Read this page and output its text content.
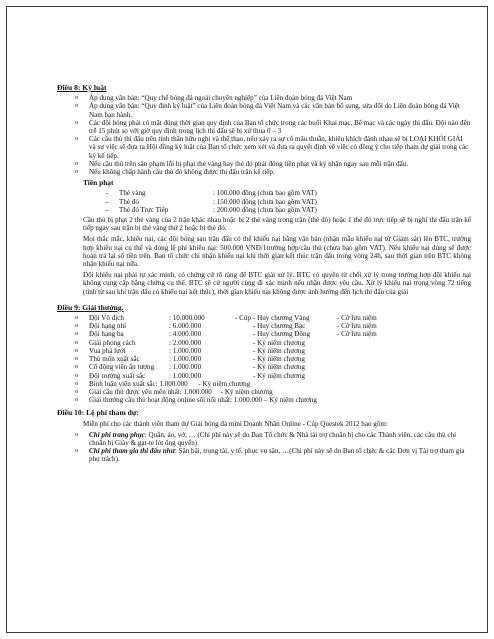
Điều 8: Kỷ luật
o Áp dụng văn bản: “Quy chế bóng đá ngoài chuyên nghiệp” của Liên đoàn bóng đá Việt Nam
o Áp dụng văn bản: “Quy định kỷ luật” của Liên đoàn bóng đá Việt Nam và các văn bản bổ sung, sửa đổi do Liên đoàn bóng đá Việt Nam ban hành.
o Các đội bóng phải có mặt đúng thời gian quy định của Ban tổ chức trong các buổi Khai mạc, Bế mạc và các ngày thi đấu. Đội nào đến trễ 15 phút so với giờ quy định trong lịch thi đấu sẽ bị xử thua 0 – 3
o Các cầu thủ thi đấu trên tinh thần hữu nghị và thể thao, nếu xảy ra sự cố mâu thuẫn, khiêu khích đánh nhau sẽ bị LOẠI KHỎI GIẢI và sự việc sẽ đưa ra Hội đồng kỷ luật của Ban tổ chức xem xét và đưa ra quyết định về việc có đồng ý cho tiếp tham dự giải trong các kỳ kế tiếp.
o Nếu cầu thủ trên sân phạm lỗi bị phạt thẻ vàng hay thẻ đỏ phải đóng tiền phạt và ký nhận ngay sau mỗi trận đấu.
o Nếu không chấp hành cầu thủ đó không được thi đấu trận kế tiếp.
Tiền phạt
–	Thẻ vàng	: 100.000 đồng (chưa bao gồm VAT)
–	Thẻ đỏ	: 150.000 đồng (chưa bao gồm VAT)
–	Thẻ đỏ Trực Tiếp	: 200.000 đồng (chưa bao gồm VAT)
Cầu thủ bị phạt 2 thẻ vàng của 2 trận khác nhau hoặc bị 2 thẻ vàng trong trận (thẻ đỏ) hoặc 1 thẻ đỏ trực tiếp sẽ bị nghỉ thi đấu trận kế tiếp ngay sau trận bị thẻ vàng thứ 2 hoặc bị thẻ đỏ.
Mọi thắc mắc, khiếu nại, các đội bóng sau trận đấu có thể khiếu nại bằng văn bản (nhận mẫu khiếu nại từ Giám sát) lên BTC, trường hợp khiếu nại cụ thể và đóng lệ phí khiếu nại: 500.000 VNĐ/1trường hợp/cầu thủ (chưa bao gồm VAT). Nếu khiếu nại đúng sẽ được hoàn trả lại số tiền trên. Ban tổ chức chỉ nhận khiếu nại khi thời gian kết thúc trận đấu trong vòng 24h, sau thời gian trên BTC không nhận khiếu nại nữa.
Đội khiếu nại phải tự xác minh, có chứng cứ rõ ràng để BTC giải xử lý. BTC có quyền từ chối xử lý trong trường hợp đội khiếu nại không cung cấp bằng chứng cụ thể. BTC sẽ cử người cùng đi xác minh nếu nhận được yêu cầu. Xử lý khiếu nại trong vòng 72 tiếng (tính từ sau khi trận đấu có khiếu nại kết thúc), thời gian khiếu nại không được ảnh hưởng đến lịch thi đấu của giải
Điều 9: Giải thưởng.
o Đội Vô địch	: 10.000.000	- Cúp - Huy chương Vàng	- Cờ lưu niệm
o Đội hạng nhì	: 6.000.000	- Huy chương Bạc	- Cờ lưu niệm
o Đội hạng ba	: 4.000.000	- Huy chương Đồng	- Cờ lưu niệm
o Giải phong cách	: 2.000.000	- Kỷ niệm chương
o Vua phá lưới	: 1.000.000	- Kỷ niệm chương
o Thủ môn xuất sắc	: 1.000.000	- Kỷ niệm chương
o Cổ động viên ấn tượng	: 1.000.000	- Kỷ niệm chương
o Đội trưởng xuất sắc	: 1.000.000	- Kỷ niệm chương
o Bình luận viên xuất sắc: 1.000.000      - Kỷ niệm chương
o Giải cầu thủ được yêu mến nhất: 1.000.000     - Kỷ niệm chương
o Giải thưởng cầu thủ hoạt động online sôi nổi nhất: 1.000.000 – Kỷ niệm chương
Điều 10: Lệ phí tham dự:
Miễn phí cho các thành viên tham dự Giải bóng đá mini Doanh Nhân Online - Cúp Questek 2012 bao gồm:
o Chi phí trang phục: Quần, áo, vớ, … (Chi phí này sẽ do Ban Tổ chức & Nhà tài trợ chuẩn bị cho các Thành viên, các cầu thủ chỉ chuẩn bị Giày & gạt-te lót ống quyển)
o Chi phí tham gia thi đấu như: Sân bãi, trọng tài, y tế, phục vụ sân, …(Chi phí này sẽ do Ban tổ chức & các Đơn vị Tài trợ tham gia phụ trách).
